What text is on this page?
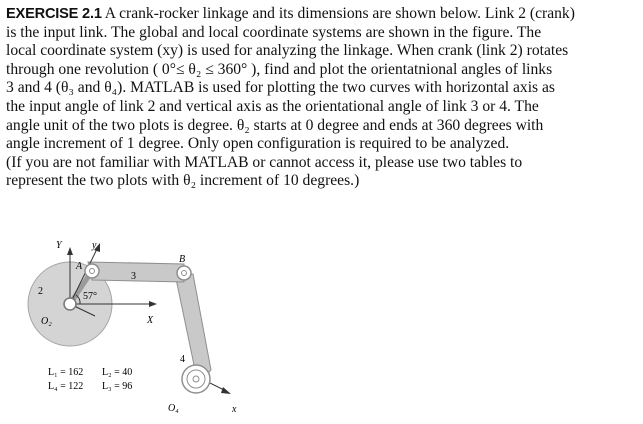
EXERCISE 2.1 A crank-rocker linkage and its dimensions are shown below. Link 2 (crank)
is the input link. The global and local coordinate systems are shown in the figure. The
local coordinate system (xy) is used for analyzing the linkage. When crank (link 2) rotates
through one revolution ( 0°≤ θ₂ ≤ 360° ), find and plot the orientatnional angles of links
3 and 4 (θ₃ and θ₄). MATLAB is used for plotting the two curves with horizontal axis as
the input angle of link 2 and vertical axis as the orientational angle of link 3 or 4. The
angle unit of the two plots is degree. θ₂ starts at 0 degree and ends at 360 degrees with
angle increment of 1 degree. Only open configuration is required to be analyzed.
(If you are not familiar with MATLAB or cannot access it, please use two tables to
represent the two plots with θ₂ increment of 10 degrees.)
Y	y
A
B
2
3
4
57°
O₂	X
O₄	x
L₁ = 162 L₂ = 40
L₄ = 122 L₃ = 96
